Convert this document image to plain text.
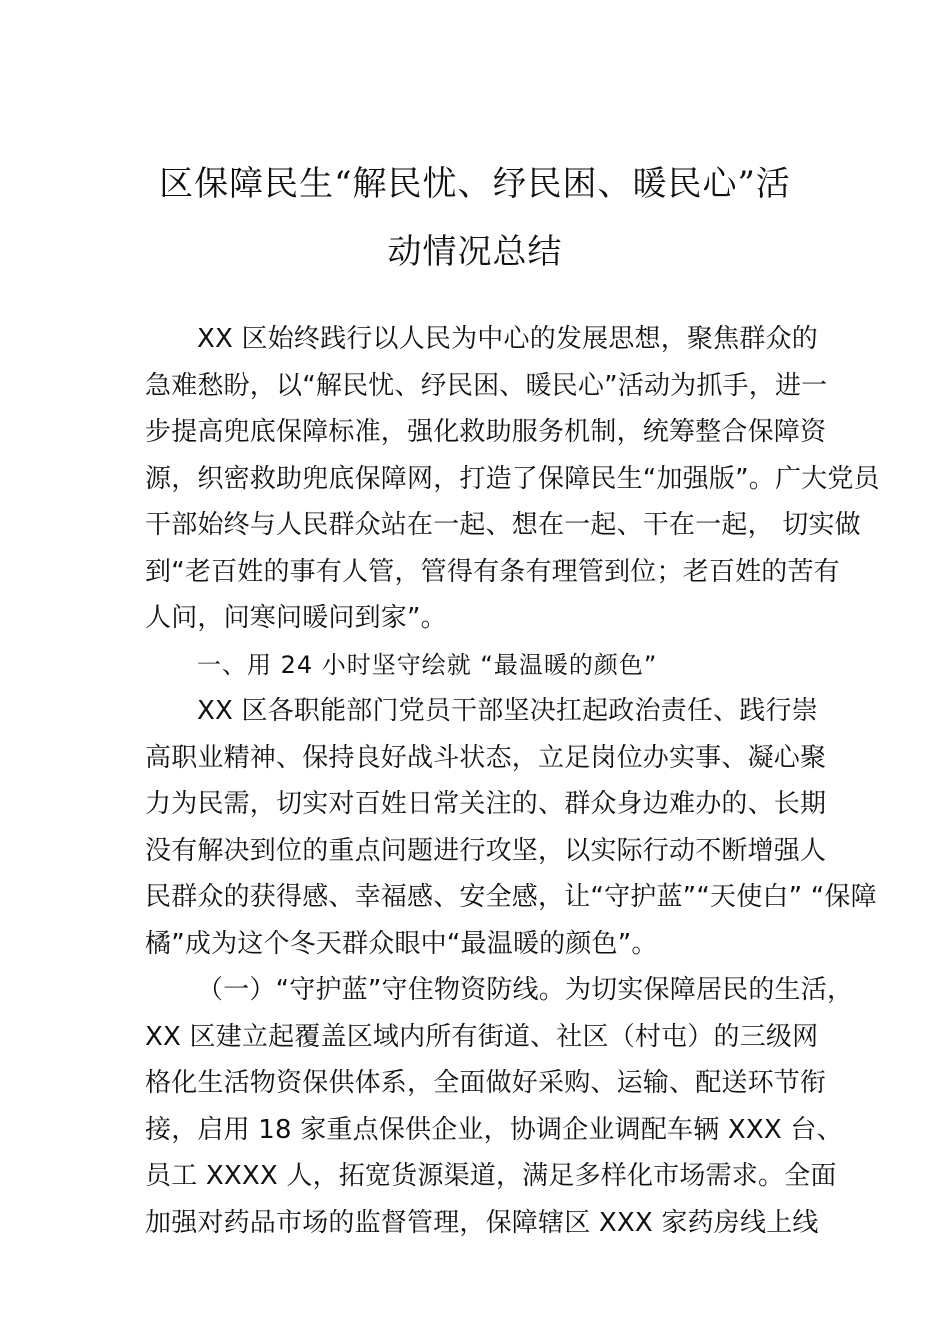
区保障民生“解民忧、纾民困、暖民心”活
动情况总结
XX 区始终践行以人民为中心的发展思想，聚焦群众的
急难愁盼，以“解民忧、纾民困、暖民心”活动为抓手，进一
步提高兜底保障标准，强化救助服务机制，统筹整合保障资
源，织密救助兜底保障网，打造了保障民生“加强版”。广大党员
干部始终与人民群众站在一起、想在一起、干在一起， 切实做
到“老百姓的事有人管，管得有条有理管到位；老百姓的苦有
人问，问寒问暖问到家”。
一、用 24 小时坚守绘就 “最温暖的颜色”
XX 区各职能部门党员干部坚决扛起政治责任、践行崇
高职业精神、保持良好战斗状态，立足岗位办实事、凝心聚
力为民需，切实对百姓日常关注的、群众身边难办的、长期
没有解决到位的重点问题进行攻坚，以实际行动不断增强人
民群众的获得感、幸福感、安全感，让“守护蓝”“天使白” “保障
橘”成为这个冬天群众眼中“最温暖的颜色”。
（一）“守护蓝”守住物资防线。为切实保障居民的生活，
XX 区建立起覆盖区域内所有街道、社区（村屯）的三级网
格化生活物资保供体系，全面做好采购、运输、配送环节衔
接，启用 18 家重点保供企业，协调企业调配车辆 XXX 台、
员工 XXXX 人，拓宽货源渠道，满足多样化市场需求。全面
加强对药品市场的监督管理，保障辖区 XXX 家药房线上线
